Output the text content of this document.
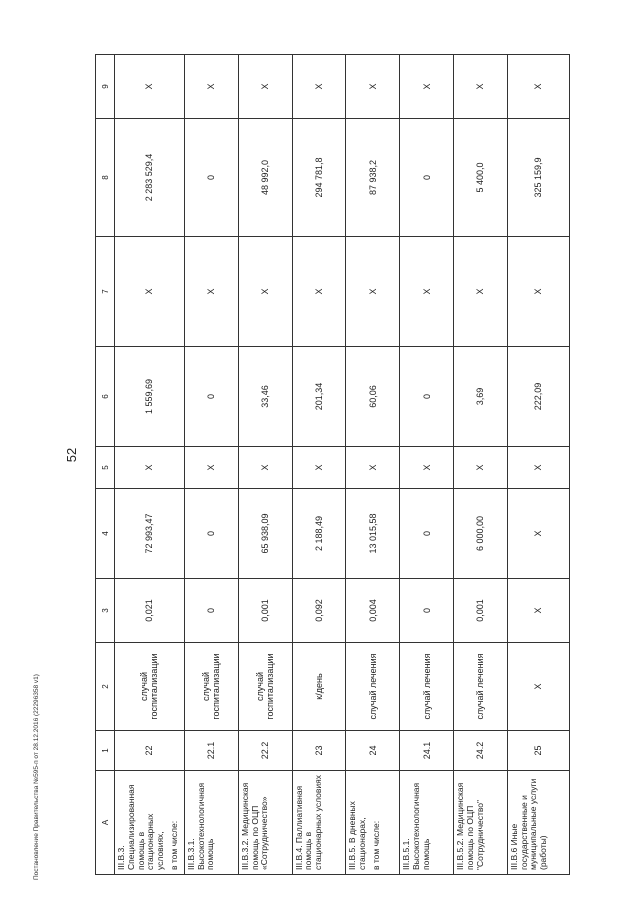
52
А	1	2	3	4	5	6	7	8	9
III.В.3. Специализированная помощь в стационарных условиях, в том числе:	22	случай госпитализации	0,021	72 993,47	Х	1 559,69	Х	2 283 529,4	Х
III.В.3.1. Высокотехнологичная помощь	22.1	случай госпитализации	0	0	Х	0	Х	0	Х
III.В.3.2. Медицинская помощь по ОЦП «Сотрудничество»	22.2	случай госпитализации	0,001	65 938,09	Х	33,46	Х	48 992,0	Х
III.В.4. Паллиативная помощь в стационарных условиях	23	к/день	0,092	2 188,49	Х	201,34	Х	294 781,8	Х
III.В.5. В дневных стационарах, в том числе:	24	случай лечения	0,004	13 015,58	Х	60,06	Х	87 938,2	Х
III.В.5.1. Высокотехнологичная помощь	24.1	случай лечения	0	0	Х	0	Х	0	Х
III.В.5.2. Медицинская помощь по ОЦП "Сотрудничество"	24.2	случай лечения	0,001	6 000,00	Х	3,69	Х	5 400,0	Х
III.В.6 Иные государственные и муниципальные услуги (работы)	25	Х	Х	Х	Х	222,09	Х	325 159,9	Х
Постановление Правительства №595-п от 28.12.2016 (22296358 v1)
